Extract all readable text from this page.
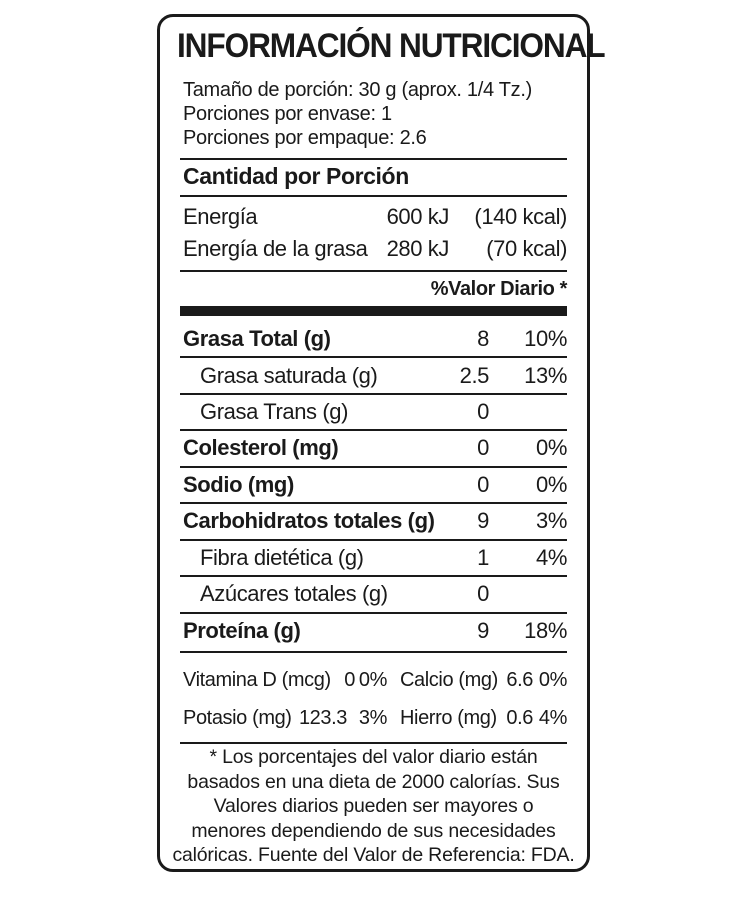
INFORMACIÓN NUTRICIONAL
Tamaño de porción: 30 g (aprox. 1/4 Tz.)
Porciones por envase: 1
Porciones por empaque: 2.6
Cantidad por Porción
Energía	600 kJ (140 kcal)
Energía de la grasa 280 kJ (70 kcal)
%Valor Diario *
Grasa Total (g)	8 10%
Grasa saturada (g)	2.5 13%
Grasa Trans (g)	0
Colesterol (mg)	0 0%
Sodio (mg)	0 0%
Carbohidratos totales (g) 9 3%
Fibra dietética (g)	1 4%
Azúcares totales (g)	0
Proteína (g)	9 18%
Vitamina D (mcg) 0 0% Calcio (mg) 6.6 0%
Potasio (mg) 123.3 3% Hierro (mg) 0.6 4%
* Los porcentajes del valor diario están
basados en una dieta de 2000 calorías. Sus
Valores diarios pueden ser mayores o
menores dependiendo de sus necesidades
calóricas. Fuente del Valor de Referencia: FDA.
